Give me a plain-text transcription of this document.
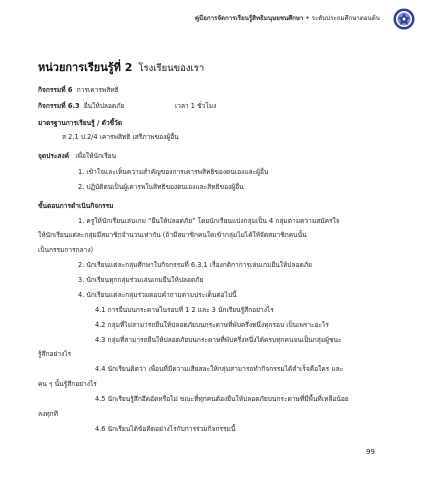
คู่มือการจัดการเรียนรู้สิทธิมนุษยชนศึกษา • ระดับประถมศึกษาตอนต้น
หน่วยการเรียนรู้ที่ 2 โรงเรียนของเรา
กิจกรรมที่ 6 การเคารพสิทธิ
กิจกรรมที่ 6.3 ยืนให้ปลอดภัย	เวลา 1 ชั่วโมง
มาตรฐานการเรียนรู้ / ตัวชี้วัด
ส 2.1 ป.2/4 เคารพสิทธิ เสรีภาพของผู้อื่น
จุดประสงค์ เพื่อให้นักเรียน
1. เข้าใจและเห็นความสำคัญของการเคารพสิทธิของตนเองและผู้อื่น
2. ปฏิบัติตนเป็นผู้เคารพในสิทธิของตนเองและสิทธิของผู้อื่น
ขั้นตอนการดำเนินกิจกรรม
1. ครูให้นักเรียนเล่นเกม “ยืนให้ปลอดภัย” โดยนักเรียนแบ่งกลุ่มเป็น 4 กลุ่มตามความสมัครใจ
ให้นักเรียนแต่ละกลุ่มมีสมาชิกจำนวนเท่ากัน (ถ้ามีสมาชิกคนใดเข้ากลุ่มไม่ได้ให้จัดสมาชิกคนนั้น
เป็นกรรมการกลาง)
2. นักเรียนแต่ละกลุ่มศึกษาใบกิจกรรมที่ 6.3.1 เรื่องกติกาการเล่นเกมยืนให้ปลอดภัย
3. นักเรียนทุกกลุ่มร่วมเล่นเกมยืนให้ปลอดภัย
4. นักเรียนแต่ละกลุ่มร่วมตอบคำถามตามประเด็นต่อไปนี้
4.1 การยืนบนกระดาษในรอบที่ 1 2 และ 3 นักเรียนรู้สึกอย่างไร
4.2 กลุ่มที่ไม่สามารถยืนให้ปลอดภัยบนกระดาษที่พับครึ่งหนึ่งทุกรอบ เป็นเพราะอะไร
4.3 กลุ่มที่สามารถยืนให้ปลอดภัยบนกระดาษที่พับครึ่งหนึ่งได้ครบทุกคนจนเป็นกลุ่มผู้ชนะ
รู้สึกอย่างไร
4.4 นักเรียนคิดว่า เพื่อนที่มีความเสียสละให้กลุ่มสามารถทำกิจกรรมได้สำเร็จคือใคร และ
คน ๆ นั้นรู้สึกอย่างไร
4.5 นักเรียนรู้สึกอึดอัดหรือไม่ ขณะที่ทุกคนต้องยืนให้ปลอดภัยบนกระดาษที่มีพื้นที่เหลือน้อย
ลงทุกที
4.6 นักเรียนได้ข้อคิดอย่างไรกับการร่วมกิจกรรมนี้
99
